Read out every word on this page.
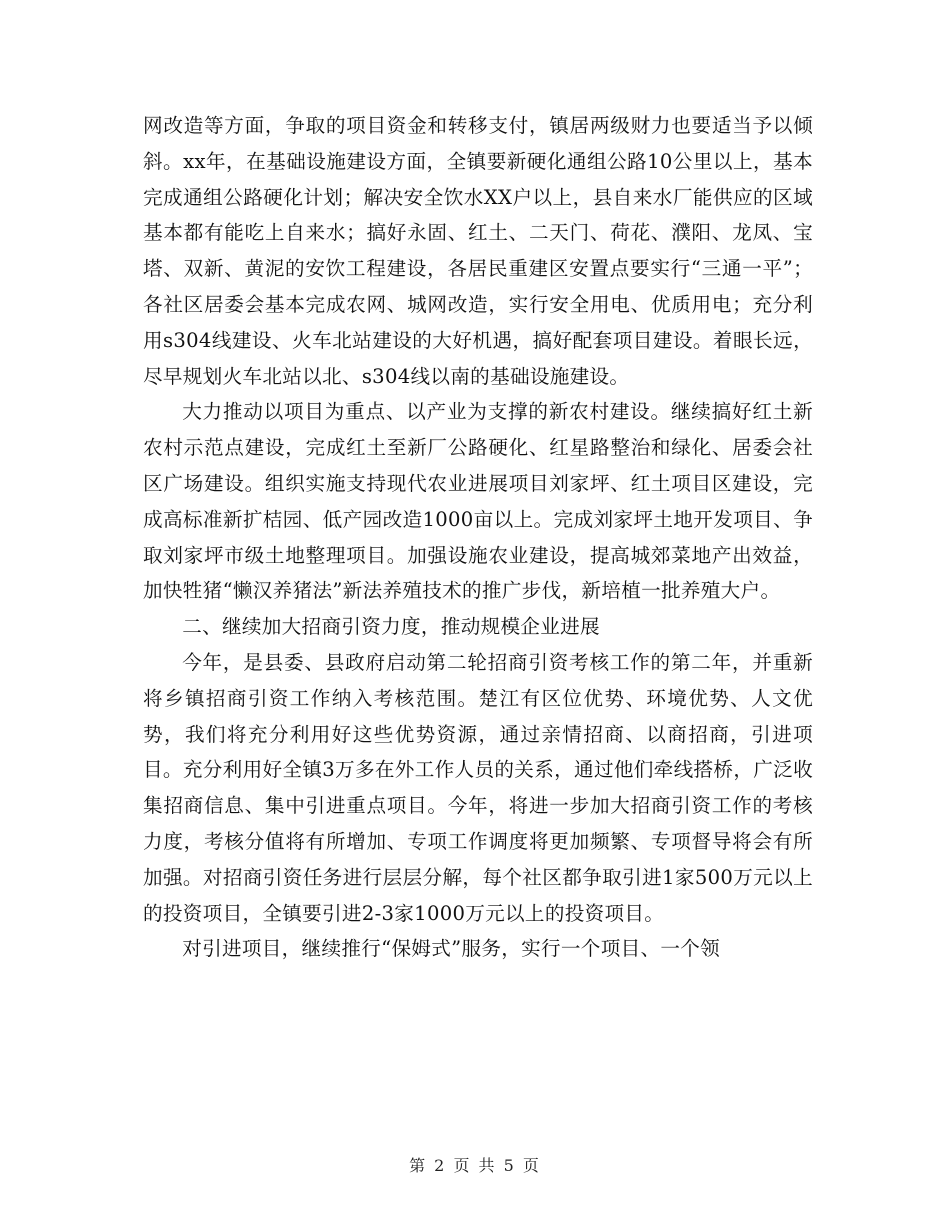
网改造等方面，争取的项目资金和转移支付，镇居两级财力也要适当予以倾斜。xx年，在基础设施建设方面，全镇要新硬化通组公路10公里以上，基本完成通组公路硬化计划；解决安全饮水XX户以上，县自来水厂能供应的区域基本都有能吃上自来水；搞好永固、红土、二天门、荷花、濮阳、龙凤、宝塔、双新、黄泥的安饮工程建设，各居民重建区安置点要实行“三通一平”；各社区居委会基本完成农网、城网改造，实行安全用电、优质用电；充分利用s304线建设、火车北站建设的大好机遇，搞好配套项目建设。着眼长远，尽早规划火车北站以北、s304线以南的基础设施建设。

大力推动以项目为重点、以产业为支撑的新农村建设。继续搞好红土新农村示范点建设，完成红土至新厂公路硬化、红星路整治和绿化、居委会社区广场建设。组织实施支持现代农业进展项目刘家坪、红土项目区建设，完成高标准新扩桔园、低产园改造1000亩以上。完成刘家坪土地开发项目、争取刘家坪市级土地整理项目。加强设施农业建设，提高城郊菜地产出效益，加快牲猪“懒汉养猪法”新法养殖技术的推广步伐，新培植一批养殖大户。

二、继续加大招商引资力度，推动规模企业进展

今年，是县委、县政府启动第二轮招商引资考核工作的第二年，并重新将乡镇招商引资工作纳入考核范围。楚江有区位优势、环境优势、人文优势，我们将充分利用好这些优势资源，通过亲情招商、以商招商，引进项目。充分利用好全镇3万多在外工作人员的关系，通过他们牵线搭桥，广泛收集招商信息、集中引进重点项目。今年，将进一步加大招商引资工作的考核力度，考核分值将有所增加、专项工作调度将更加频繁、专项督导将会有所加强。对招商引资任务进行层层分解，每个社区都争取引进1家500万元以上的投资项目，全镇要引进2-3家1000万元以上的投资项目。

对引进项目，继续推行“保姆式”服务，实行一个项目、一个领

第 2 页 共 5 页
